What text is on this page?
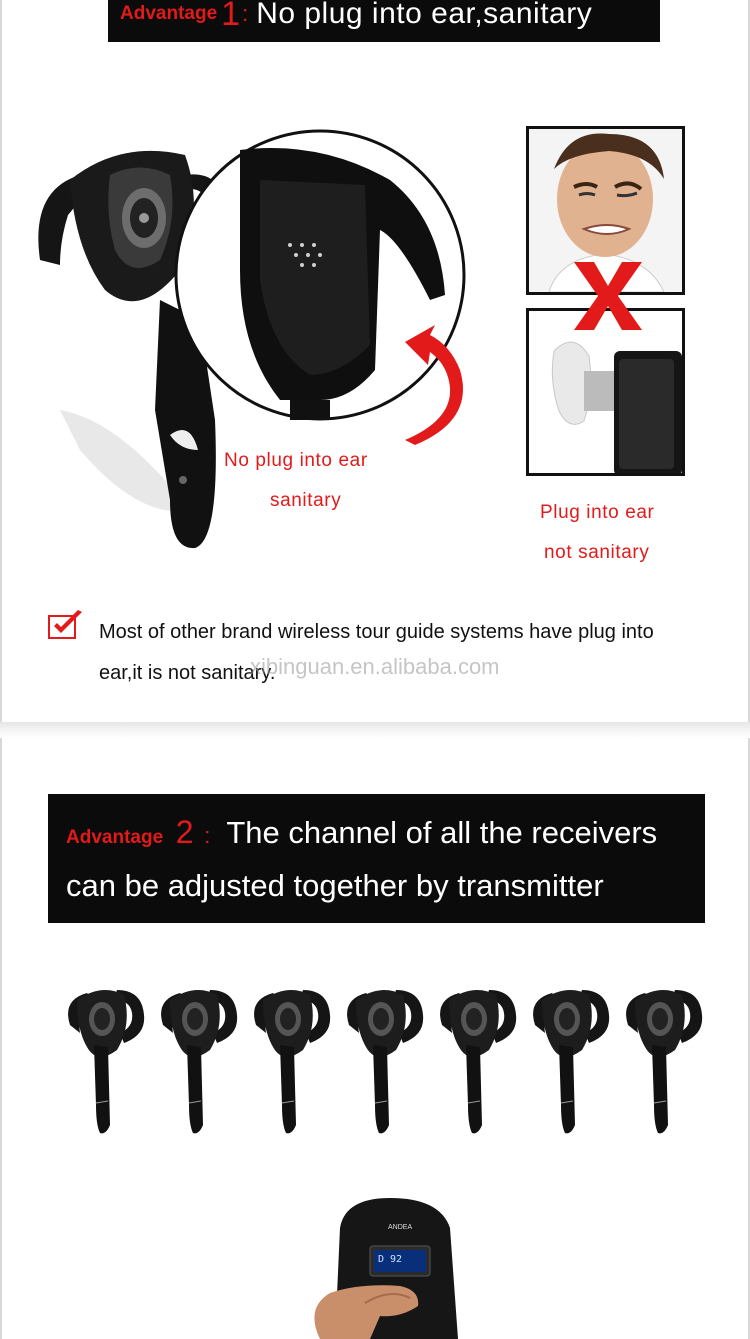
Advantage 1 : No plug into ear,sanitary
No plug into ear
sanitary
Plug into ear
not sanitary
Most of other brand wireless tour guide systems have plug into ear,it is not sanitary.
xibinguan.en.alibaba.com
Advantage 2 : The channel of all the receivers
can be adjusted together by transmitter
ANDEA
D 92
